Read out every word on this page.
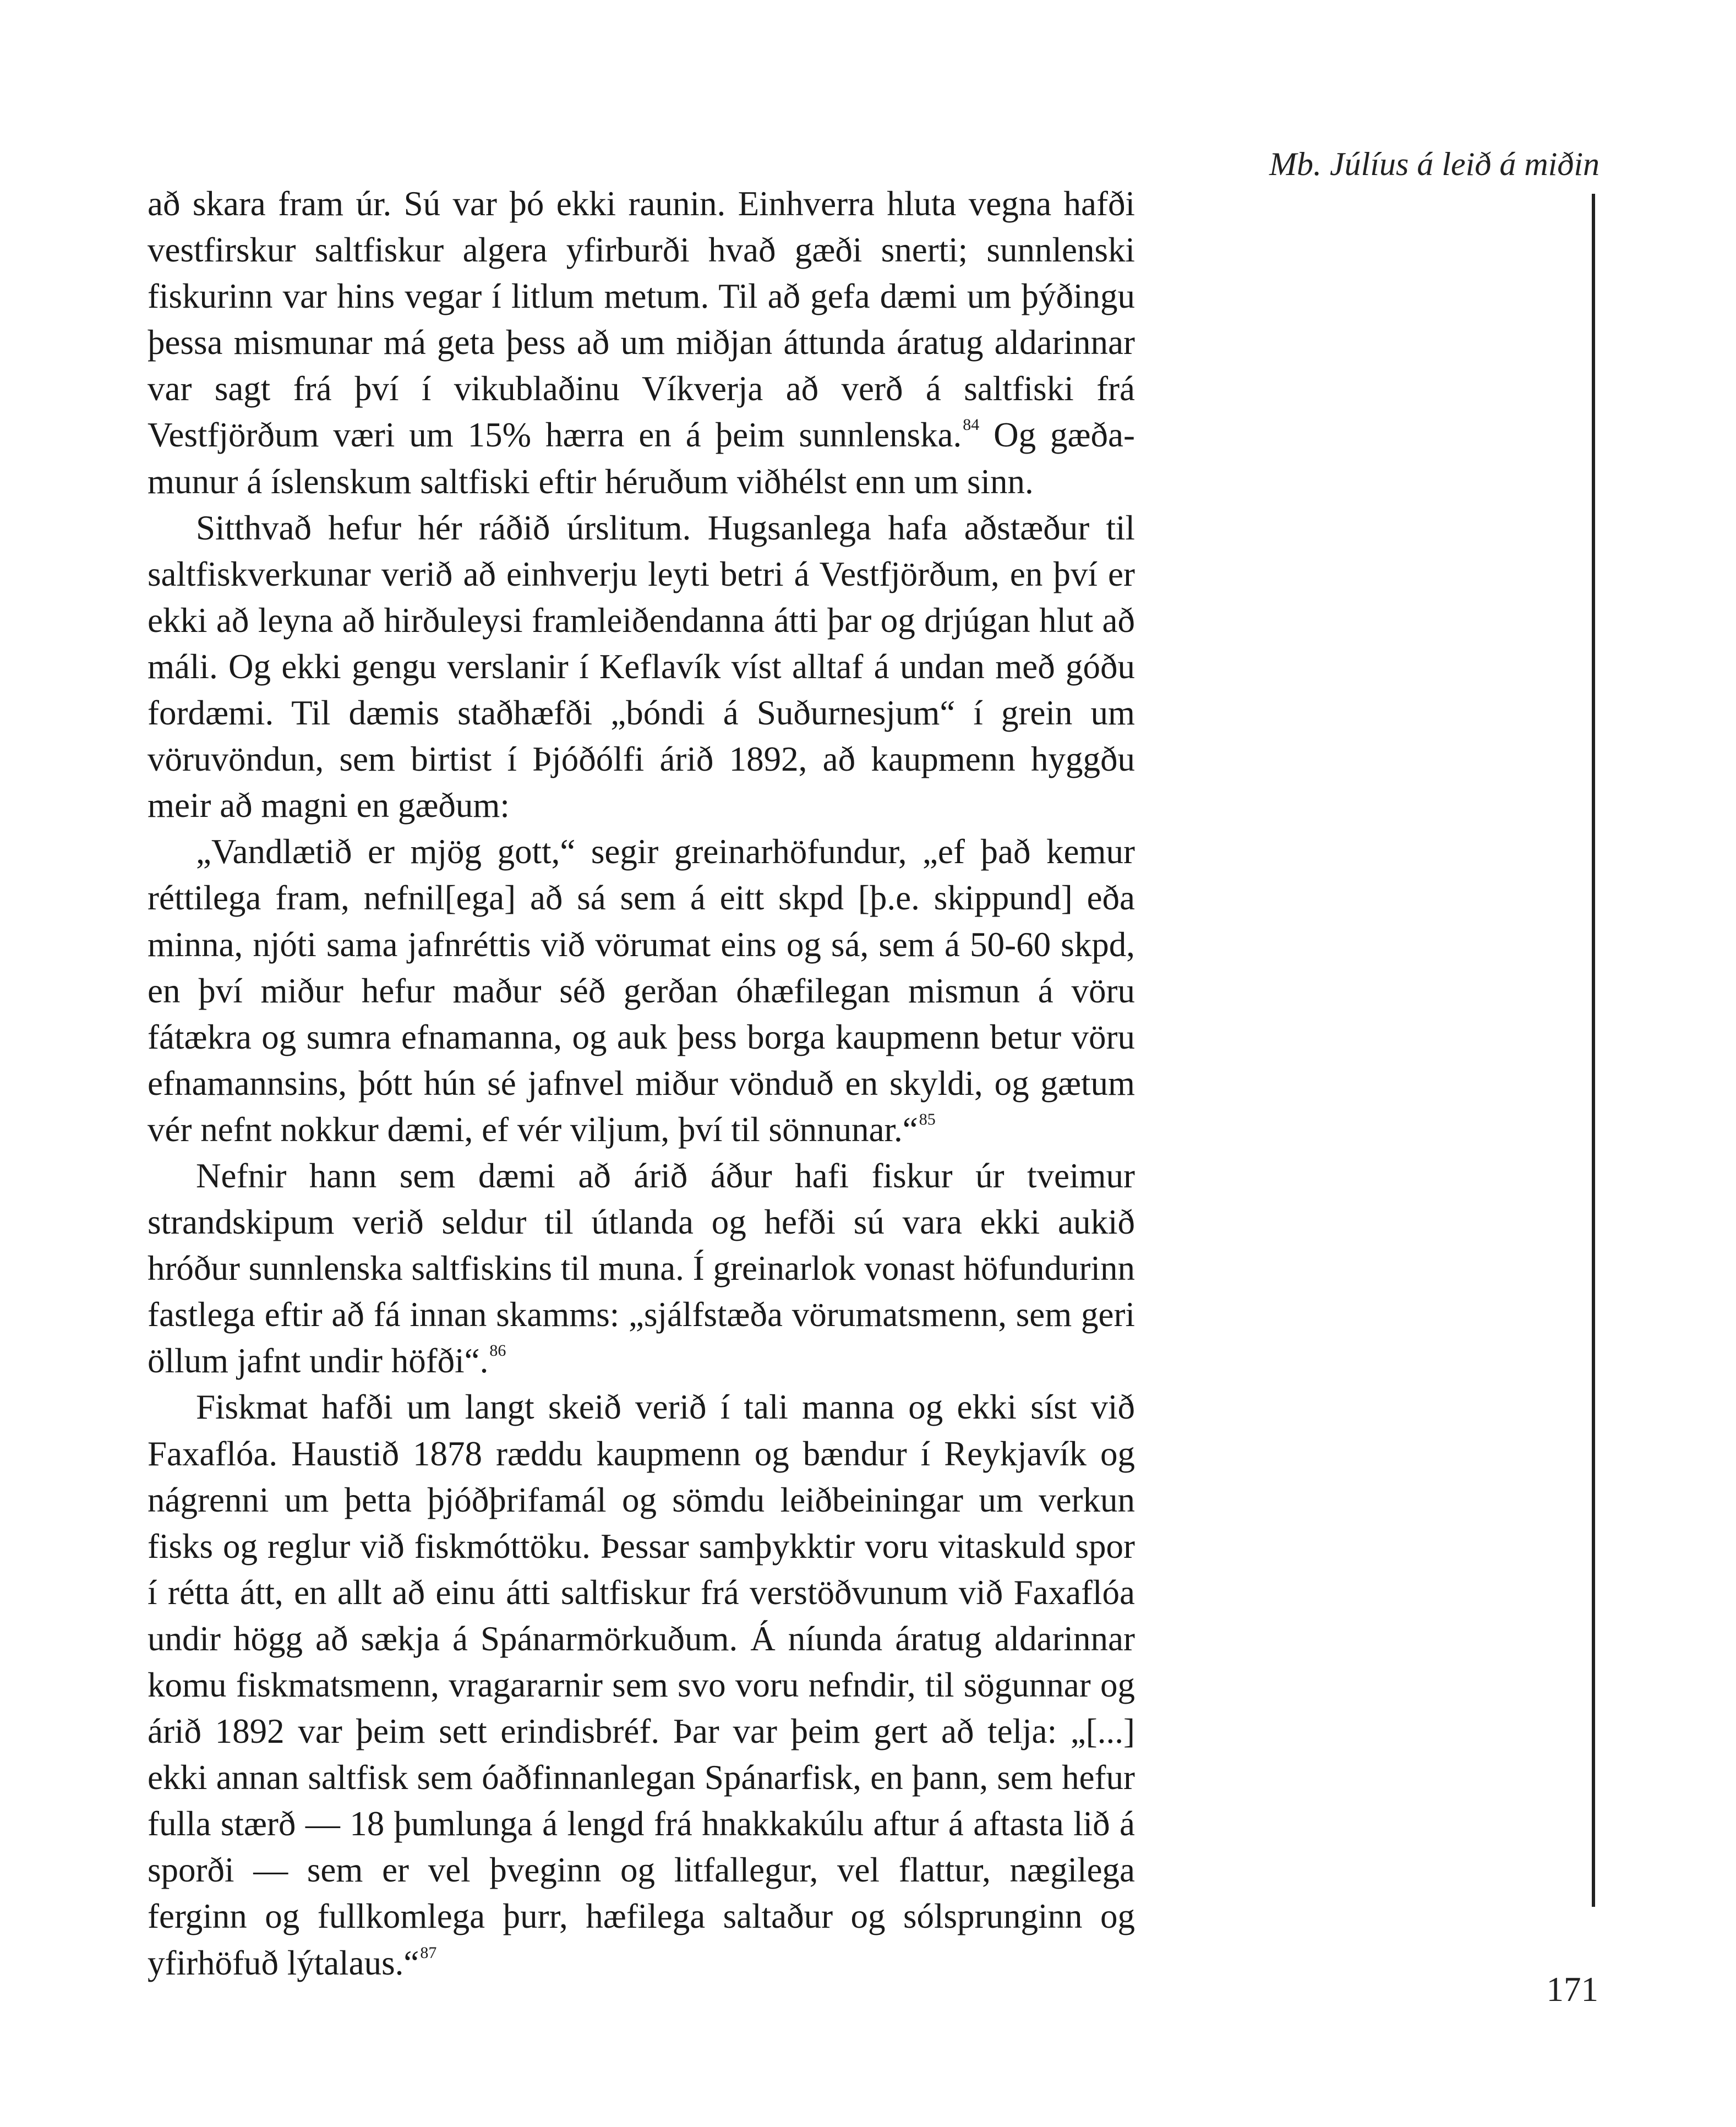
Mb. Júlíus á leið á miðin

að skara fram úr. Sú var þó ekki raunin. Einhverra hluta vegna hafði vestfirskur saltfiskur algera yfirburði hvað gæði snerti; sunnlenski fiskurinn var hins vegar í litlum metum. Til að gefa dæmi um þýðingu þessa mismunar má geta þess að um miðjan áttunda áratug aldarinnar var sagt frá því í vikublaðinu Víkverja að verð á saltfiski frá Vestfjörðum væri um 15% hærra en á þeim sunnlenska.$^{84}$ Og gæðamunur á íslenskum saltfiski eftir héruðum viðhélst enn um sinn.

Sitthvað hefur hér ráðið úrslitum. Hugsanlega hafa aðstæður til saltfiskverkunar verið að einhverju leyti betri á Vestfjörðum, en því er ekki að leyna að hirðuleysi framleiðendanna átti þar og drjúgan hlut að máli. Og ekki gengu verslanir í Keflavík víst alltaf á undan með góðu fordæmi. Til dæmis staðhæfði „bóndi á Suðurnesjum“ í grein um vöruvöndun, sem birtist í Þjóðólfi árið 1892, að kaupmenn hyggðu meir að magni en gæðum:

„Vandlætið er mjög gott,“ segir greinarhöfundur, „ef það kemur réttilega fram, nefnil[ega] að sá sem á eitt skpd [þ.e. skippund] eða minna, njóti sama jafnréttis við vörumat eins og sá, sem á 50-60 skpd, en því miður hefur maður séð gerðan óhæfilegan mismun á vöru fátækra og sumra efnamanna, og auk þess borga kaupmenn betur vöru efnamannsins, þótt hún sé jafnvel miður vönduð en skyldi, og gætum vér nefnt nokkur dæmi, ef vér viljum, því til sönnunar.“$^{85}$

Nefnir hann sem dæmi að árið áður hafi fiskur úr tveimur strandskipum verið seldur til útlanda og hefði sú vara ekki aukið hróður sunnlenska saltfiskins til muna. Í greinarlok vonast höfundurinn fastlega eftir að fá innan skamms: „sjálfstæða vörumatsmenn, sem geri öllum jafnt undir höfði“.$^{86}$

Fiskmat hafði um langt skeið verið í tali manna og ekki síst við Faxaflóa. Haustið 1878 ræddu kaupmenn og bændur í Reykjavík og nágrenni um þetta þjóðþrifamál og sömdu leiðbeiningar um verkun fisks og reglur við fiskmóttöku. Þessar samþykktir voru vitaskuld spor í rétta átt, en allt að einu átti saltfiskur frá verstöðvunum við Faxaflóa undir högg að sækja á Spánarmörkuðum. Á níunda áratug aldarinnar komu fiskmatsmenn, vragararnir sem svo voru nefndir, til sögunnar og árið 1892 var þeim sett erindisbréf. Þar var þeim gert að telja: „[...] ekki annan saltfisk sem óaðfinnanlegan Spánarfisk, en þann, sem hefur fulla stærð — 18 þumlunga á lengd frá hnakkakúlu aftur á aftasta lið á sporði — sem er vel þveginn og litfallegur, vel flattur, nægilega ferginn og fullkomlega þurr, hæfilega saltaður og sólsprunginn og yfirhöfuð lýtalaus.“$^{87}$

171
